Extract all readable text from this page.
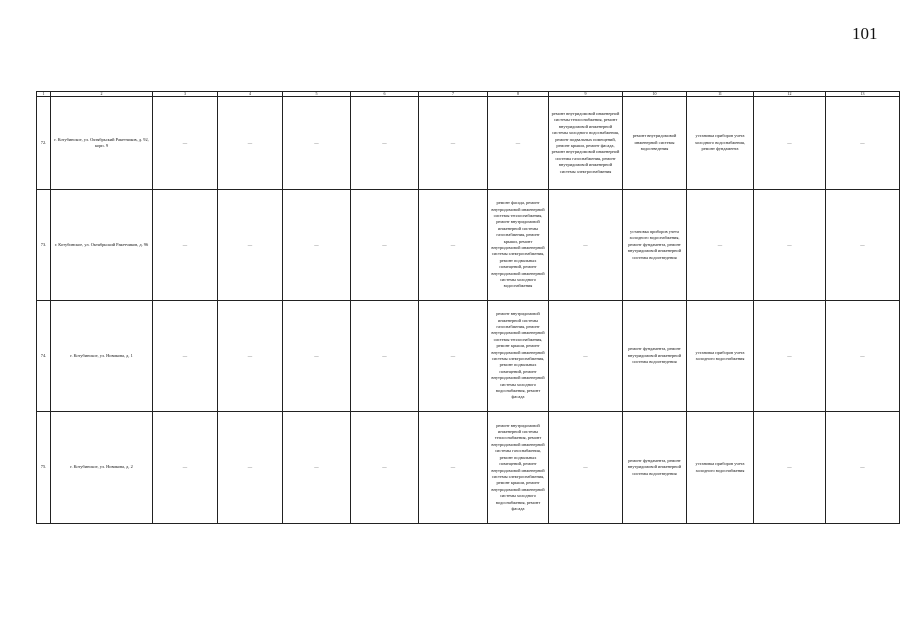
101
1	2	3	4	5	6	7	8	9	10	11	12	13
72.	г. Котубинское, ул. Октябрьский Ракетчиков, д. 92, корп. 9	—	—	—	—	—	—	ремонт внутридомовой инженерной системы теплоснабжения, ремонт внутридомовой инженерной системы холодного водоснабжения, ремонт подвальных помещений, ремонт крыши, ремонт фасада, ремонт внутридомовой инженерной системы газоснабжения, ремонт внутридомовой инженерной системы электроснабжения	ремонт внутридомовой инженерной системы водоотведения	установка приборов учета холодного водоснабжения, ремонт фундамента	—	—
73.	г. Котубинское, ул. Октябрьский Ракетчиков, д. 96	—	—	—	—	—	ремонт фасада, ремонт внутридомовой инженерной системы теплоснабжения, ремонт внутридомовой инженерной системы газоснабжения, ремонт крыши, ремонт внутридомовой инженерной системы электроснабжения, ремонт подвальных помещений, ремонт внутридомовой инженерной системы холодного водоснабжения	—	установка приборов учета холодного водоснабжения, ремонт фундамента, ремонт внутридомовой инженерной системы водоотведения	—	—	—
74.	г. Котубинское, ул. Новикова, д. 1	—	—	—	—	—	ремонт внутридомовой инженерной системы газоснабжения, ремонт внутридомовой инженерной системы теплоснабжения, ремонт крыши, ремонт внутридомовой инженерной системы электроснабжения, ремонт подвальных помещений, ремонт внутридомовой инженерной системы холодного водоснабжения, ремонт фасада	—	ремонт фундамента, ремонт внутридомовой инженерной системы водоотведения	установка приборов учета холодного водоснабжения	—	—
75.	г. Котубинское, ул. Новикова, д. 2	—	—	—	—	—	ремонт внутридомовой инженерной системы теплоснабжения, ремонт внутридомовой инженерной системы газоснабжения, ремонт подвальных помещений, ремонт внутридомовой инженерной системы электроснабжения, ремонт крыши, ремонт внутридомовой инженерной системы холодного водоснабжения, ремонт фасада	—	ремонт фундамента, ремонт внутридомовой инженерной системы водоотведения	установка приборов учета холодного водоснабжения	—	—
